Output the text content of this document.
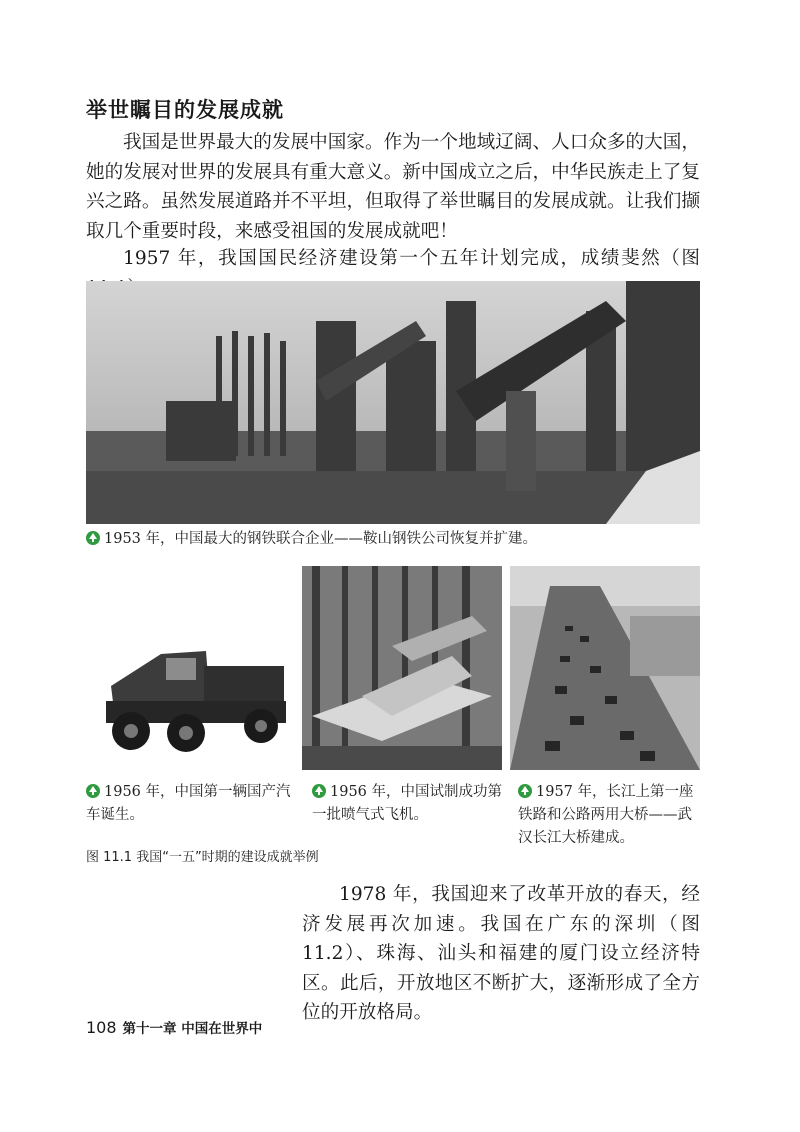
举世瞩目的发展成就
我国是世界最大的发展中国家。作为一个地域辽阔、人口众多的大国，她的发展对世界的发展具有重大意义。新中国成立之后，中华民族走上了复兴之路。虽然发展道路并不平坦，但取得了举世瞩目的发展成就。让我们撷取几个重要时段，来感受祖国的发展成就吧！
1957 年，我国国民经济建设第一个五年计划完成，成绩斐然（图
1953 年，中国最大的钢铁联合企业——鞍山钢铁公司恢复并扩建。
1956 年，中国第一辆国产汽车诞生。
1956 年，中国试制成功第一批喷气式飞机。
1957 年，长江上第一座铁路和公路两用大桥——武汉长江大桥建成。
图 11.1 我国“一五”时期的建设成就举例
1978 年，我国迎来了改革开放的春天，经济发展再次加速。我国在广东的深圳（图 11.2）、珠海、汕头和福建的厦门设立经济特区。此后，开放地区不断扩大，逐渐形成了全方位的开放格局。
108 第十一章 中国在世界中
